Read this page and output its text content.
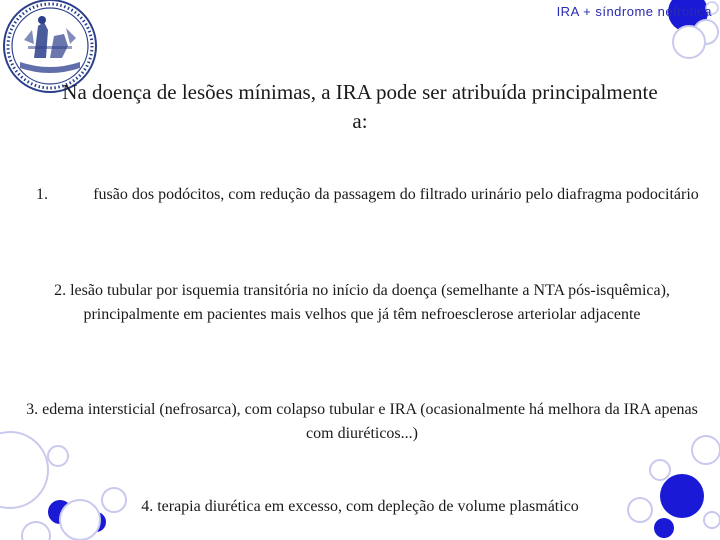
IRA + síndrome nefrótica
Na doença de lesões mínimas, a IRA pode ser atribuída principalmente a:
1.	fusão dos podócitos, com redução da passagem do filtrado urinário pelo diafragma podocitário
2. lesão tubular por isquemia transitória no início da doença (semelhante a NTA pós-isquêmica), principalmente em pacientes mais velhos que já têm nefroesclerose arteriolar adjacente
3. edema intersticial (nefrosarca), com colapso tubular e IRA (ocasionalmente há melhora da IRA apenas com diuréticos...)
4. terapia diurética em excesso, com depleção de volume plasmático
